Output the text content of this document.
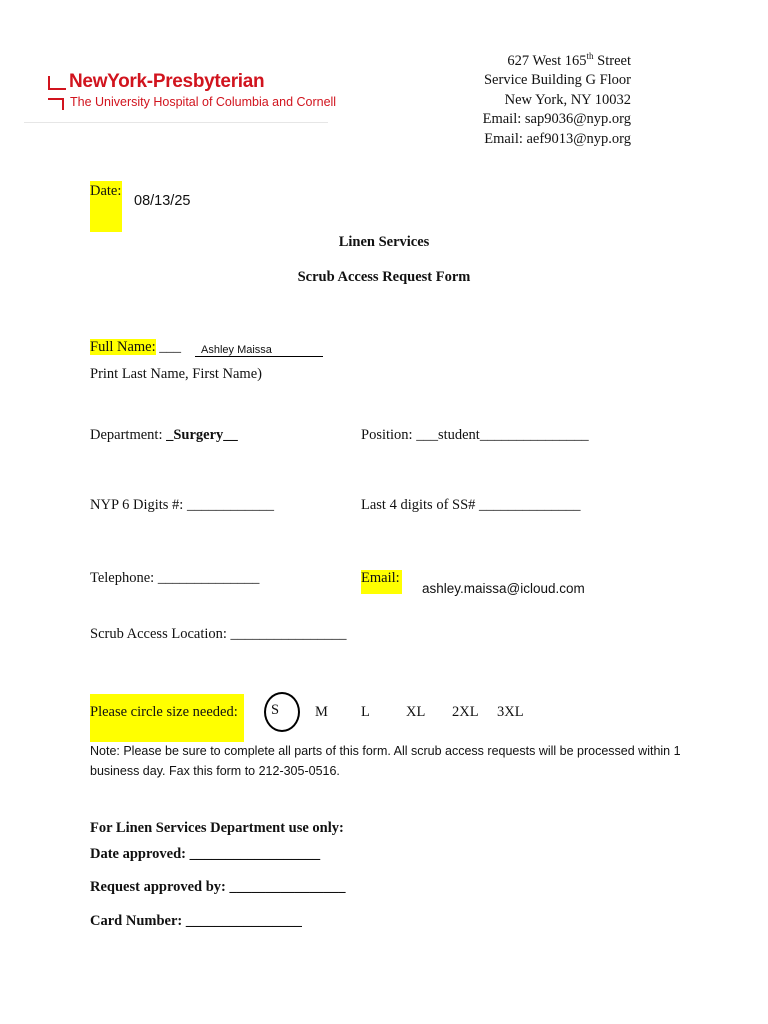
NewYork-Presbyterian
The University Hospital of Columbia and Cornell
627 West 165th Street
Service Building G Floor
New York, NY 10032
Email: sap9036@nyp.org
Email: aef9013@nyp.org
Date:
08/13/25
Linen Services
Scrub Access Request Form
Full Name: ___	Ashley Maissa
Print Last Name, First Name)
Department: _Surgery__	Position: ___student_______________
NYP 6 Digits #: ____________	Last 4 digits of SS# ______________
Telephone: ______________	Email:
ashley.maissa@icloud.com
Scrub Access Location: ________________
Please circle size needed:	S M L XL 2XL 3XL
Note: Please be sure to complete all parts of this form. All scrub access requests will be processed within 1 business day. Fax this form to 212-305-0516.
For Linen Services Department use only:
Date approved: __________________
Request approved by: ________________
Card Number: ________________
